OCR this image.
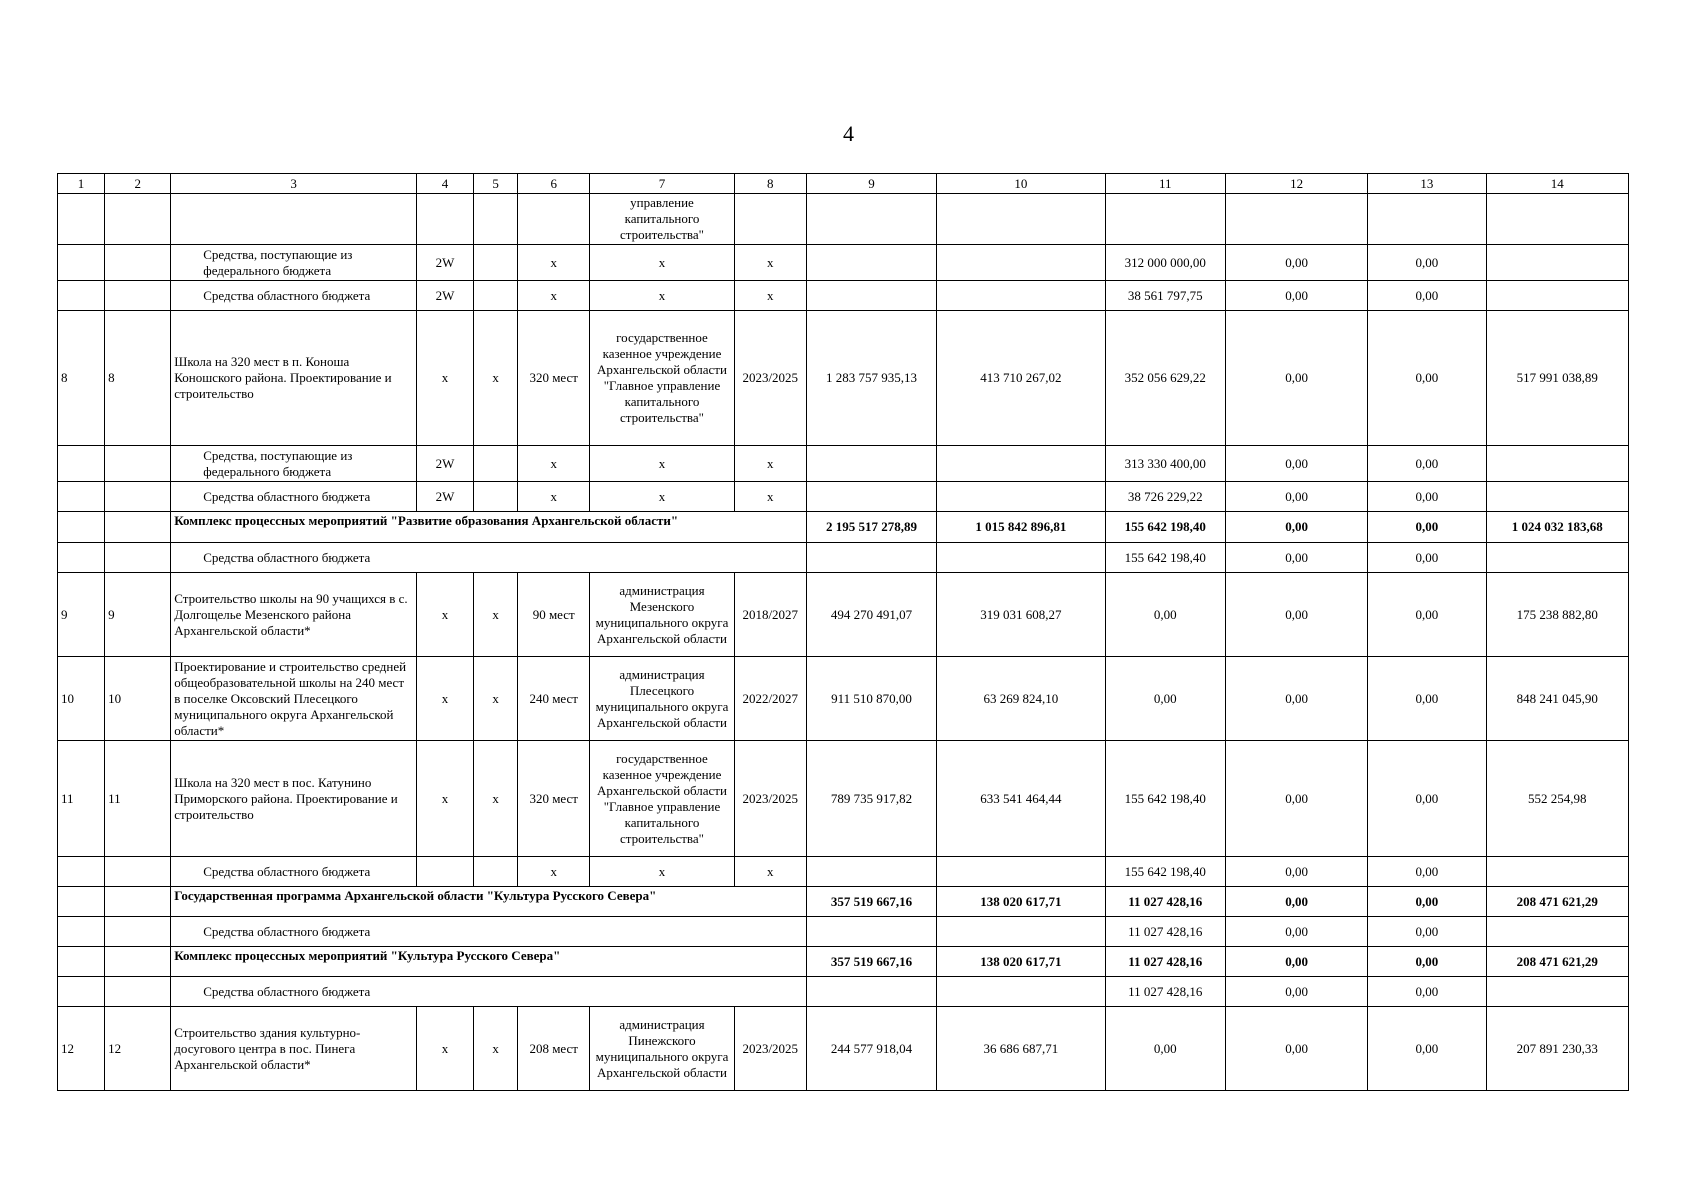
4
1	2	3	4	5	6	7	8	9	10	11	12	13	14
						управление капитального строительства"							
		Средства, поступающие из федерального бюджета	2W		х	х	х			312 000 000,00	0,00	0,00	
		Средства областного бюджета	2W		х	х	х			38 561 797,75	0,00	0,00	
8	8	Школа на 320 мест в п. Коноша Коношского района. Проектирование и строительство	х	х	320 мест	государственное казенное учреждение Архангельской области "Главное управление капитального строительства"	2023/2025	1 283 757 935,13	413 710 267,02	352 056 629,22	0,00	0,00	517 991 038,89
		Средства, поступающие из федерального бюджета	2W		х	х	х			313 330 400,00	0,00	0,00	
		Средства областного бюджета	2W		х	х	х			38 726 229,22	0,00	0,00	
		Комплекс процессных мероприятий "Развитие образования Архангельской области"						2 195 517 278,89	1 015 842 896,81	155 642 198,40	0,00	0,00	1 024 032 183,68
		Средства областного бюджета								155 642 198,40	0,00	0,00	
9	9	Строительство школы на 90 учащихся в с. Долгощелье Мезенского района Архангельской области*	х	х	90 мест	администрация Мезенского муниципального округа Архангельской области	2018/2027	494 270 491,07	319 031 608,27	0,00	0,00	0,00	175 238 882,80
10	10	Проектирование и строительство средней общеобразовательной школы на 240 мест в поселке Оксовский Плесецкого муниципального округа Архангельской области*	х	х	240 мест	администрация Плесецкого муниципального округа Архангельской области	2022/2027	911 510 870,00	63 269 824,10	0,00	0,00	0,00	848 241 045,90
11	11	Школа на 320 мест в пос. Катунино Приморского района. Проектирование и строительство	х	х	320 мест	государственное казенное учреждение Архангельской области "Главное управление капитального строительства"	2023/2025	789 735 917,82	633 541 464,44	155 642 198,40	0,00	0,00	552 254,98
		Средства областного бюджета			х	х	х			155 642 198,40	0,00	0,00	
		Государственная программа Архангельской области "Культура Русского Севера"						357 519 667,16	138 020 617,71	11 027 428,16	0,00	0,00	208 471 621,29
		Средства областного бюджета								11 027 428,16	0,00	0,00	
		Комплекс процессных мероприятий "Культура Русского Севера"						357 519 667,16	138 020 617,71	11 027 428,16	0,00	0,00	208 471 621,29
		Средства областного бюджета								11 027 428,16	0,00	0,00	
12	12	Строительство здания культурно-досугового центра в пос. Пинега Архангельской области*	х	х	208 мест	администрация Пинежского муниципального округа Архангельской области	2023/2025	244 577 918,04	36 686 687,71	0,00	0,00	0,00	207 891 230,33
